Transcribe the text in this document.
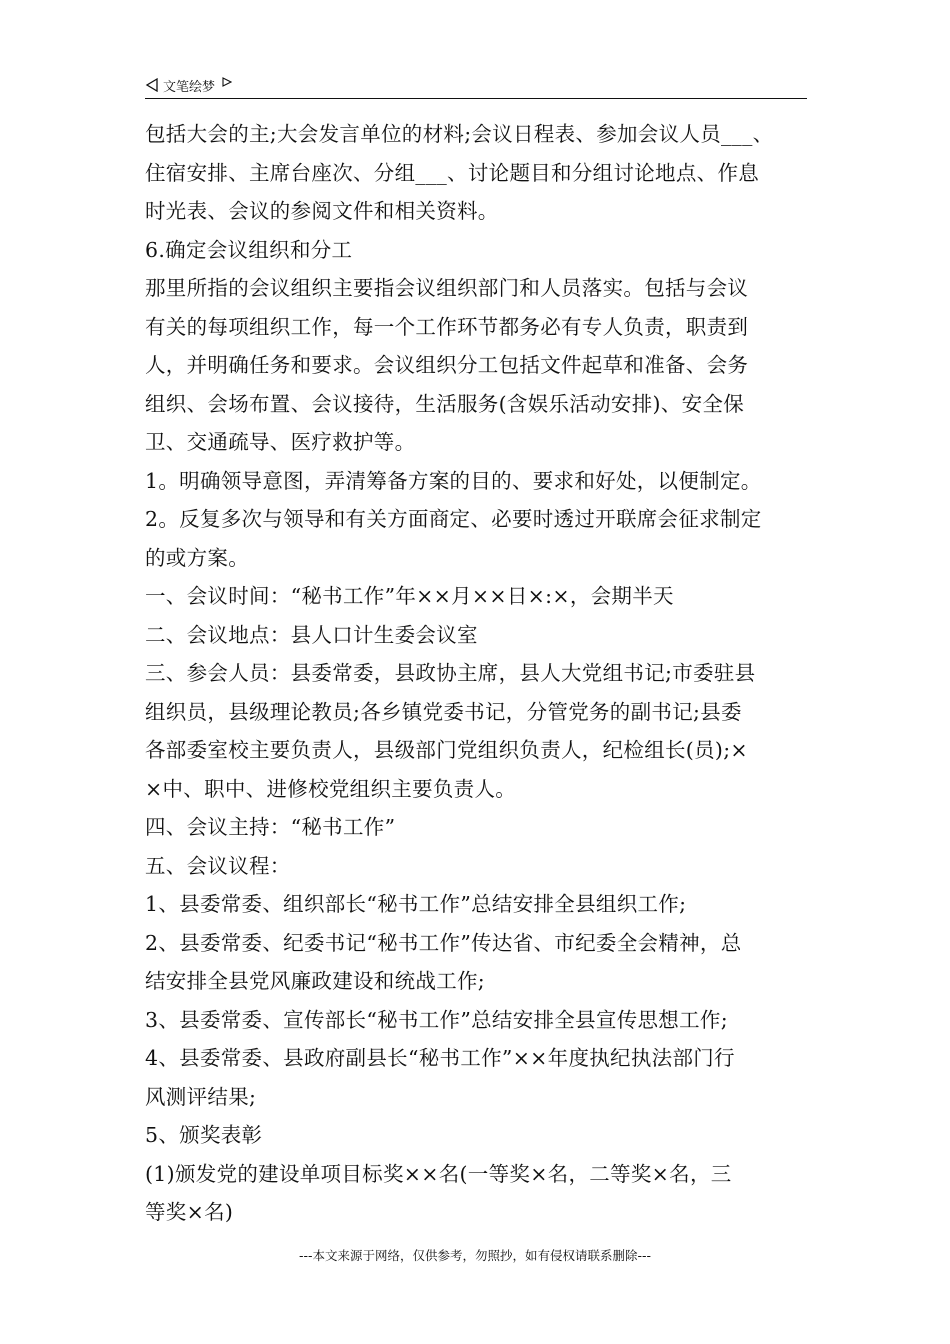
文笔绘梦

包括大会的主;大会发言单位的材料;会议日程表、参加会议人员___、

住宿安排、主席台座次、分组___、讨论题目和分组讨论地点、作息

时光表、会议的参阅文件和相关资料。

6.确定会议组织和分工

那里所指的会议组织主要指会议组织部门和人员落实。包括与会议

有关的每项组织工作，每一个工作环节都务必有专人负责，职责到

人，并明确任务和要求。会议组织分工包括文件起草和准备、会务

组织、会场布置、会议接待，生活服务(含娱乐活动安排)、安全保

卫、交通疏导、医疗救护等。

1。明确领导意图，弄清筹备方案的目的、要求和好处，以便制定。

2。反复多次与领导和有关方面商定、必要时透过开联席会征求制定

的或方案。

一、会议时间：“秘书工作”年××月××日×:×，会期半天

二、会议地点：县人口计生委会议室

三、参会人员：县委常委，县政协主席，县人大党组书记;市委驻县

组织员，县级理论教员;各乡镇党委书记，分管党务的副书记;县委

各部委室校主要负责人，县级部门党组织负责人，纪检组长(员);×

×中、职中、进修校党组织主要负责人。

四、会议主持：“秘书工作”

五、会议议程：

1、县委常委、组织部长“秘书工作”总结安排全县组织工作;

2、县委常委、纪委书记“秘书工作”传达省、市纪委全会精神，总

结安排全县党风廉政建设和统战工作;

3、县委常委、宣传部长“秘书工作”总结安排全县宣传思想工作;

4、县委常委、县政府副县长“秘书工作”××年度执纪执法部门行

风测评结果;

5、颁奖表彰

(1)颁发党的建设单项目标奖××名(一等奖×名，二等奖×名，三

等奖×名)

---本文来源于网络，仅供参考，勿照抄，如有侵权请联系删除---
